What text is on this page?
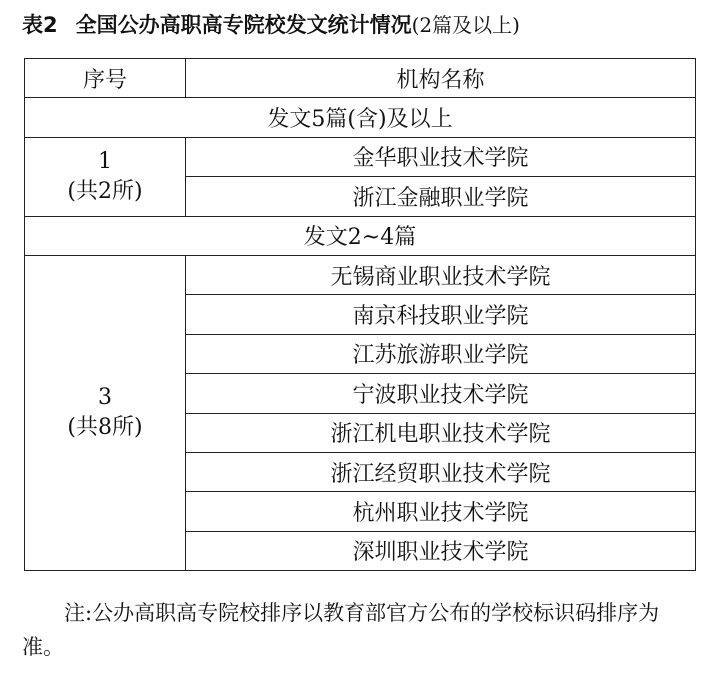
表2 全国公办高职高专院校发文统计情况(2篇及以上)
序号	机构名称
发文5篇(含)及以上	

1
(共2所)	金华职业技术学院
	浙江金融职业学院
发文2~4篇	

3
(共8所)	无锡商业职业技术学院
	南京科技职业学院
	江苏旅游职业学院
	宁波职业技术学院
	浙江机电职业技术学院
	浙江经贸职业技术学院
	杭州职业技术学院
	深圳职业技术学院
注:公办高职高专院校排序以教育部官方公布的学校标识码排序为准。
